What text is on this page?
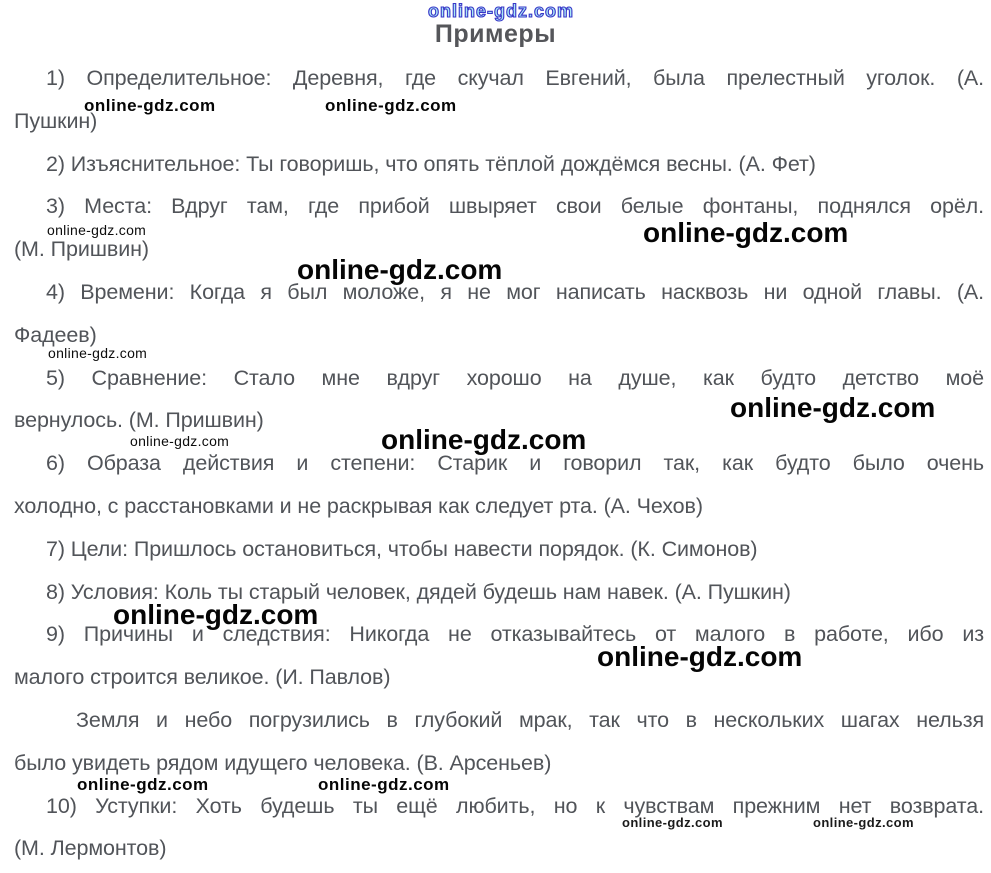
Примеры
1) Определительное: Деревня, где скучал Евгений, была прелестный уголок. (А.
Пушкин)
2) Изъяснительное: Ты говоришь, что опять тёплой дождёмся весны. (А. Фет)
3) Места: Вдруг там, где прибой швыряет свои белые фонтаны, поднялся орёл.
(М. Пришвин)
4) Времени: Когда я был моложе, я не мог написать насквозь ни одной главы. (А.
Фадеев)
5) Сравнение: Стало мне вдруг хорошо на душе, как будто детство моё
вернулось. (М. Пришвин)
6) Образа действия и степени: Старик и говорил так, как будто было очень
холодно, с расстановками и не раскрывая как следует рта. (А. Чехов)
7) Цели: Пришлось остановиться, чтобы навести порядок. (К. Симонов)
8) Условия: Коль ты старый человек, дядей будешь нам навек. (А. Пушкин)
9) Причины и следствия: Никогда не отказывайтесь от малого в работе, ибо из
малого строится великое. (И. Павлов)
Земля и небо погрузились в глубокий мрак, так что в нескольких шагах нельзя
было увидеть рядом идущего человека. (В. Арсеньев)
10) Уступки: Хоть будешь ты ещё любить, но к чувствам прежним нет возврата.
(М. Лермонтов)
online-gdz.com
online-gdz.com	online-gdz.com
online-gdz.com	online-gdz.com
online-gdz.com
online-gdz.com
online-gdz.com
online-gdz.com
online-gdz.com
online-gdz.com
online-gdz.com
online-gdz.com	online-gdz.com
online-gdz.com	online-gdz.com
